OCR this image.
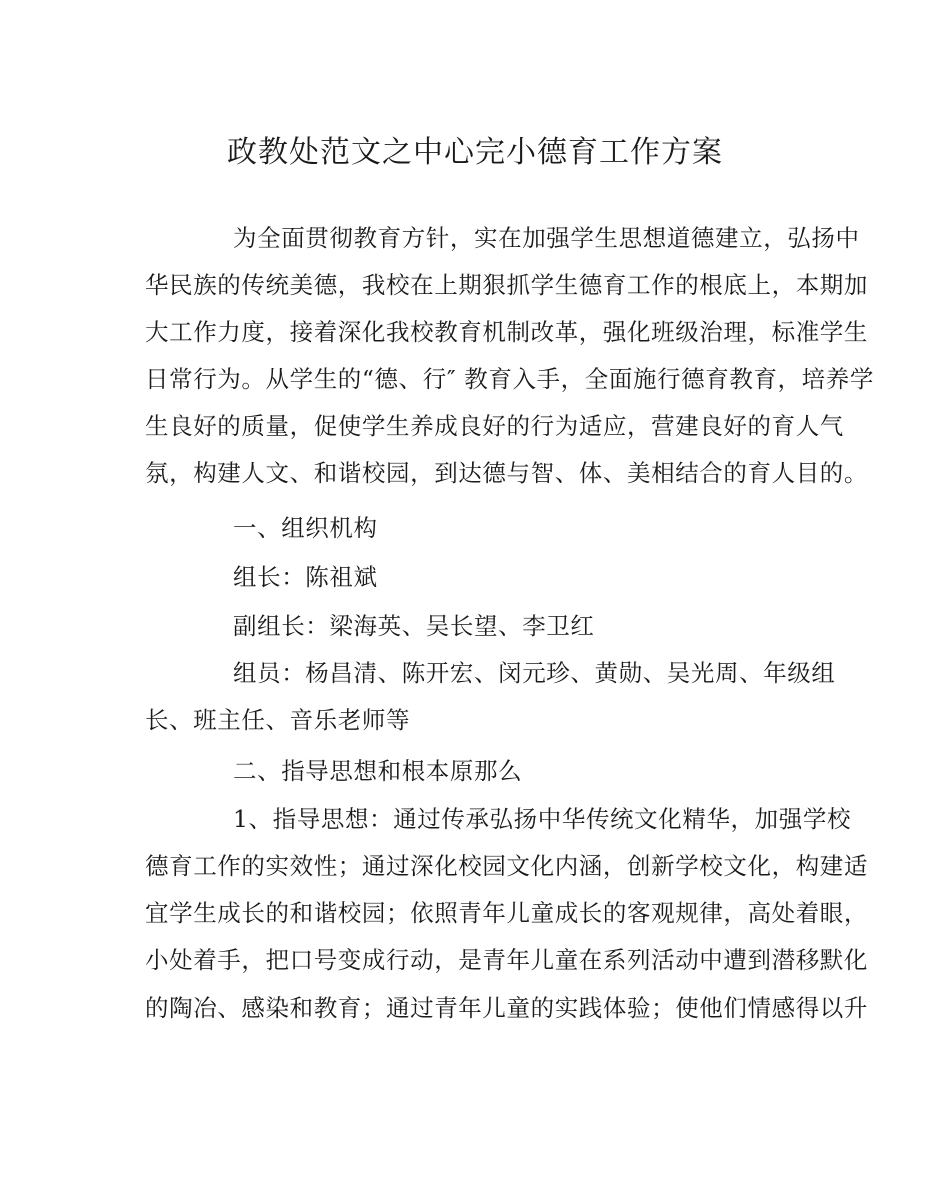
政教处范文之中心完小德育工作方案
为全面贯彻教育方针，实在加强学生思想道德建立，弘扬中
华民族的传统美德，我校在上期狠抓学生德育工作的根底上，本期加
大工作力度，接着深化我校教育机制改革，强化班级治理，标准学生
日常行为。从学生的“德、行″ 教育入手，全面施行德育教育，培养学
生良好的质量，促使学生养成良好的行为适应，营建良好的育人气
氛，构建人文、和谐校园，到达德与智、体、美相结合的育人目的。
一、组织机构
组长：陈祖斌
副组长：梁海英、吴长望、李卫红
组员：杨昌清、陈开宏、闵元珍、黄勋、吴光周、年级组
长、班主任、音乐老师等
二、指导思想和根本原那么
1、指导思想：通过传承弘扬中华传统文化精华，加强学校
德育工作的实效性；通过深化校园文化内涵，创新学校文化，构建适
宜学生成长的和谐校园；依照青年儿童成长的客观规律，高处着眼，
小处着手，把口号变成行动，是青年儿童在系列活动中遭到潜移默化
的陶冶、感染和教育；通过青年儿童的实践体验；使他们情感得以升
